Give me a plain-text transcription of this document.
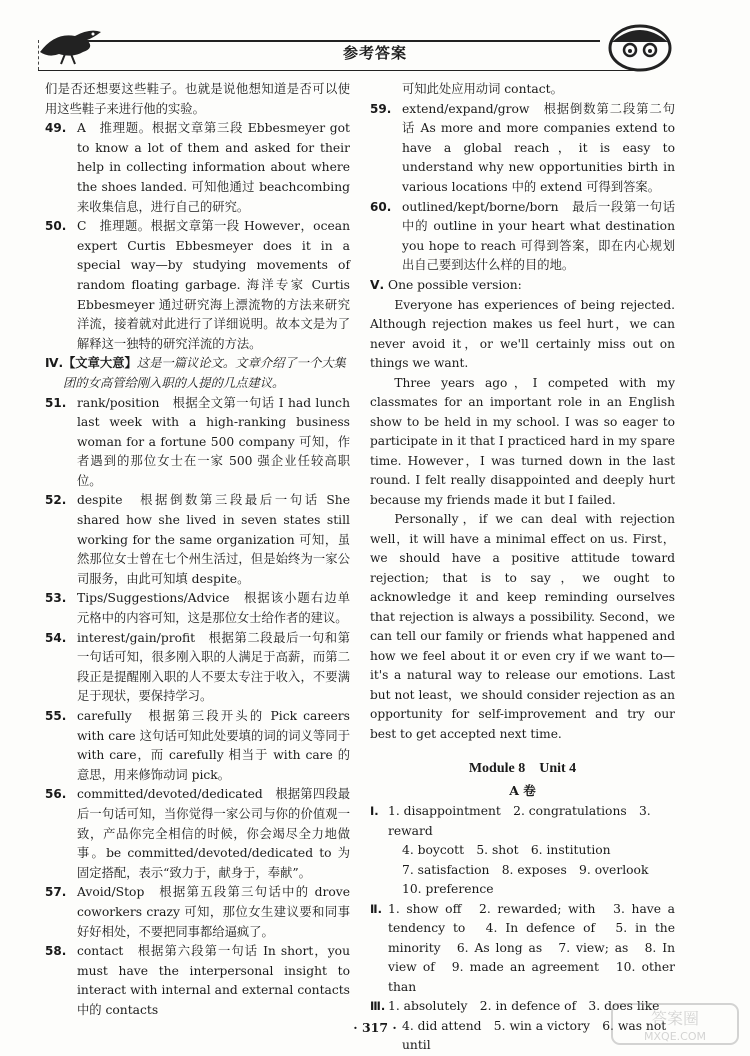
参考答案
们是否还想要这些鞋子。也就是说他想知道是否可以使用这些鞋子来进行他的实验。
49. A　推理题。根据文章第三段 Ebbesmeyer got to know a lot of them and asked for their help in collecting information about where the shoes landed. 可知他通过 beachcombing 来收集信息，进行自己的研究。
50. C　推理题。根据文章第一段 However，ocean expert Curtis Ebbesmeyer does it in a special way—by studying movements of random floating garbage. 海洋专家 Curtis Ebbesmeyer 通过研究海上漂流物的方法来研究洋流，接着就对此进行了详细说明。故本文是为了解释这一独特的研究洋流的方法。
Ⅳ. 【文章大意】这是一篇议论文。文章介绍了一个大集团的女高管给刚入职的人提的几点建议。
51. rank/position　根据全文第一句话 I had lunch last week with a high-ranking business woman for a fortune 500 company 可知，作者遇到的那位女士在一家 500 强企业任较高职位。
52. despite　根据倒数第三段最后一句话 She shared how she lived in seven states still working for the same organization 可知，虽然那位女士曾在七个州生活过，但是始终为一家公司服务，由此可知填 despite。
53. Tips/Suggestions/Advice　根据该小题右边单元格中的内容可知，这是那位女士给作者的建议。
54. interest/gain/profit　根据第二段最后一句和第一句话可知，很多刚入职的人满足于高薪，而第二段正是提醒刚入职的人不要太专注于收入，不要满足于现状，要保持学习。
55. carefully　根据第三段开头的 Pick careers with care 这句话可知此处要填的词的词义等同于 with care，而 carefully 相当于 with care 的意思，用来修饰动词 pick。
56. committed/devoted/dedicated　根据第四段最后一句话可知，当你觉得一家公司与你的价值观一致，产品你完全相信的时候，你会竭尽全力地做事。be committed/devoted/dedicated to 为固定搭配，表示“致力于，献身于，奉献”。
57. Avoid/Stop　根据第五段第三句话中的 drove coworkers crazy 可知，那位女生建议要和同事好好相处，不要把同事都给逼疯了。
58. contact　根据第六段第一句话 In short，you must have the interpersonal insight to interact with internal and external contacts 中的 contacts
可知此处应用动词 contact。
59. extend/expand/grow　根据倒数第二段第二句话 As more and more companies extend to have a global reach，it is easy to understand why new opportunities birth in various locations 中的 extend 可得到答案。
60. outlined/kept/borne/born　最后一段第一句话中的 outline in your heart what destination you hope to reach 可得到答案，即在内心规划出自己要到达什么样的目的地。
Ⅴ. One possible version:

Everyone has experiences of being rejected. Although rejection makes us feel hurt，we can never avoid it，or we'll certainly miss out on things we want.

Three years ago，I competed with my classmates for an important role in an English show to be held in my school. I was so eager to participate in it that I practiced hard in my spare time. However，I was turned down in the last round. I felt really disappointed and deeply hurt because my friends made it but I failed.

Personally，if we can deal with rejection well，it will have a minimal effect on us. First，we should have a positive attitude toward rejection; that is to say，we ought to acknowledge it and keep reminding ourselves that rejection is always a possibility. Second，we can tell our family or friends what happened and how we feel about it or even cry if we want to—it's a natural way to release our emotions. Last but not least，we should consider rejection as an opportunity for self-improvement and try our best to get accepted next time.

Module 8　Unit 4
A 卷
Ⅰ. 1. disappointment　2. congratulations　3. reward
4. boycott　5. shot　6. institution
7. satisfaction　8. exposes　9. overlook
10. preference
Ⅱ. 1. show off　2. rewarded; with　3. have a tendency to　4. In defence of　5. in the minority　6. As long as　7. view; as　8. In view of　9. made an agreement　10. other than
Ⅲ. 1. absolutely　2. in defence of　3. does like
4. did attend　5. win a victory　6. was not until
· 317 ·	答案圈
MXQE.COM
